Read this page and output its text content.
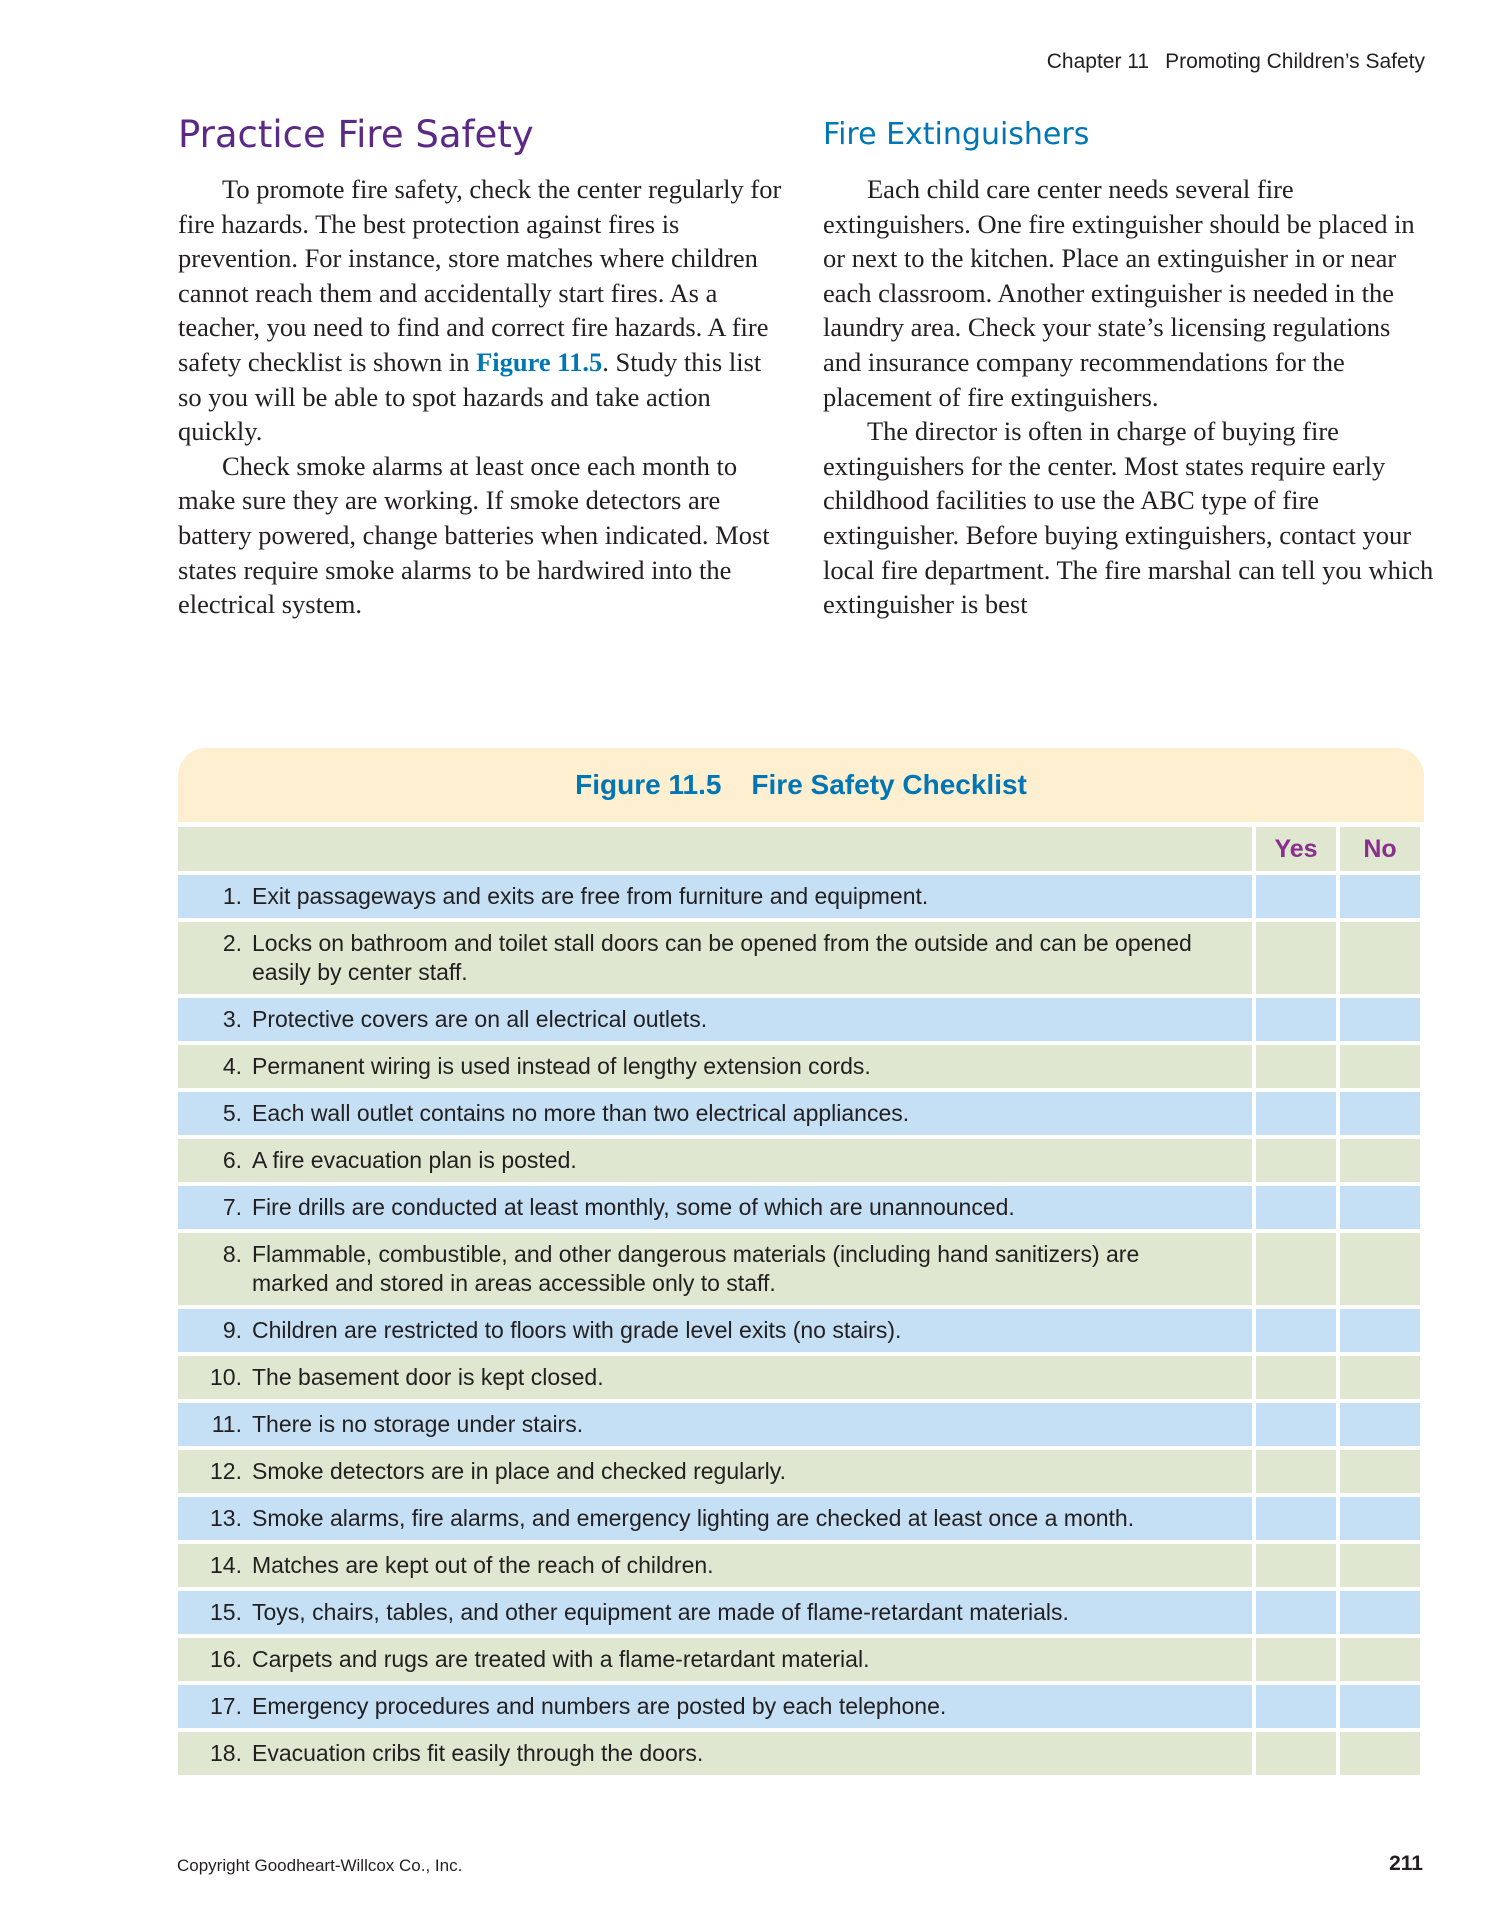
Chapter 11 Promoting Children’s Safety
Practice Fire Safety

To promote fire safety, check the center regularly for fire hazards. The best protection against fires is prevention. For instance, store matches where children cannot reach them and accidentally start fires. As a teacher, you need to find and correct fire hazards. A fire safety checklist is shown in Figure 11.5. Study this list so you will be able to spot hazards and take action quickly.

Check smoke alarms at least once each month to make sure they are working. If smoke detectors are battery powered, change batteries when indicated. Most states require smoke alarms to be hardwired into the electrical system.

Fire Extinguishers

Each child care center needs several fire extinguishers. One fire extinguisher should be placed in or next to the kitchen. Place an extinguisher in or near each classroom. Another extinguisher is needed in the laundry area. Check your state’s licensing regulations and insurance company recommendations for the placement of fire extinguishers.

The director is often in charge of buying fire extinguishers for the center. Most states require early childhood facilities to use the ABC type of fire extinguisher. Before buying extinguishers, contact your local fire department. The fire marshal can tell you which extinguisher is best

Figure 11.5 Fire Safety Checklist
Yes	No
1. Exit passageways and exits are free from furniture and equipment.
2. Locks on bathroom and toilet stall doors can be opened from the outside and can be opened easily by center staff.
3. Protective covers are on all electrical outlets.
4. Permanent wiring is used instead of lengthy extension cords.
5. Each wall outlet contains no more than two electrical appliances.
6. A fire evacuation plan is posted.
7. Fire drills are conducted at least monthly, some of which are unannounced.
8. Flammable, combustible, and other dangerous materials (including hand sanitizers) are marked and stored in areas accessible only to staff.
9. Children are restricted to floors with grade level exits (no stairs).
10. The basement door is kept closed.
11. There is no storage under stairs.
12. Smoke detectors are in place and checked regularly.
13. Smoke alarms, fire alarms, and emergency lighting are checked at least once a month.
14. Matches are kept out of the reach of children.
15. Toys, chairs, tables, and other equipment are made of flame-retardant materials.
16. Carpets and rugs are treated with a flame-retardant material.
17. Emergency procedures and numbers are posted by each telephone.
18. Evacuation cribs fit easily through the doors.
Copyright Goodheart-Willcox Co., Inc.	211
